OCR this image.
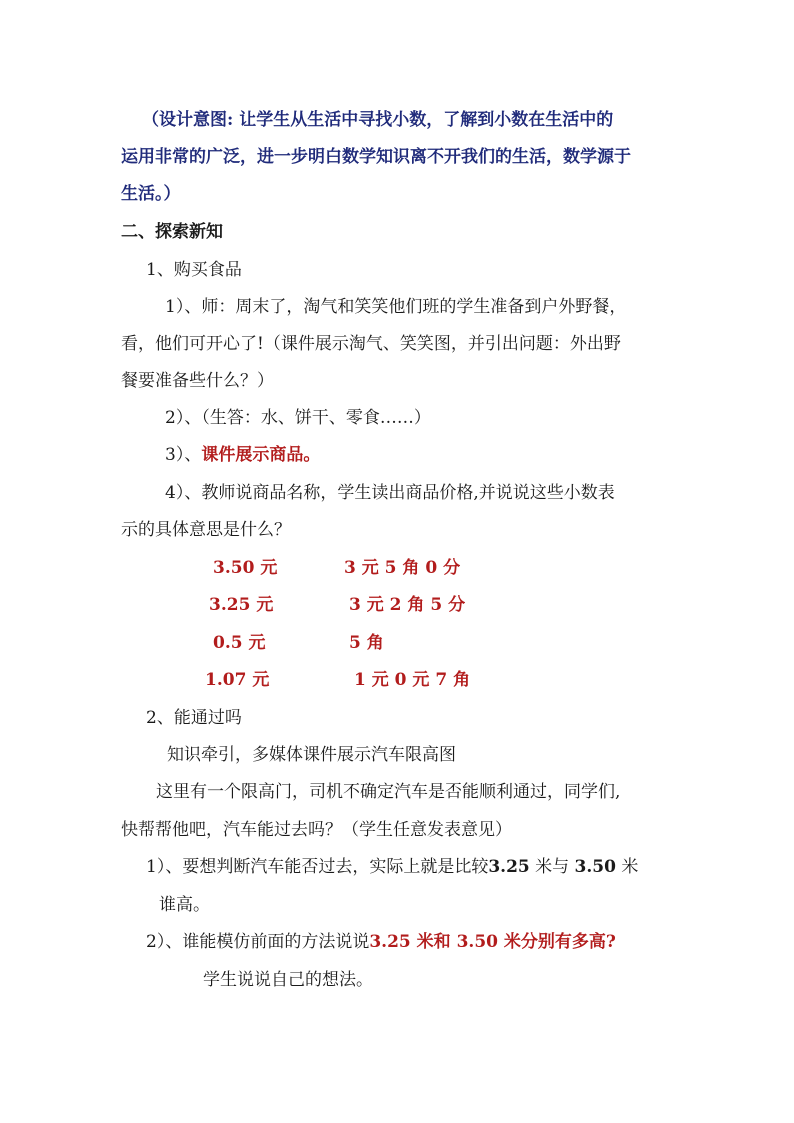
（设计意图: 让学生从生活中寻找小数，了解到小数在生活中的
运用非常的广泛，进一步明白数学知识离不开我们的生活，数学源于
生活。）
二、探索新知
1、购买食品
1）、师：周末了，淘气和笑笑他们班的学生准备到户外野餐，
看，他们可开心了!（课件展示淘气、笑笑图，并引出问题：外出野
餐要准备些什么？）
2）、（生答：水、饼干、零食……）
3）、课件展示商品。
4）、教师说商品名称，学生读出商品价格,并说说这些小数表
示的具体意思是什么？
3.50 元	3 元 5 角 0 分
3.25 元	3 元 2 角 5 分
0.5 元	5 角
1.07 元	1 元 0 元 7 角
2、能通过吗
知识牵引，多媒体课件展示汽车限高图
这里有一个限高门，司机不确定汽车是否能顺利通过，同学们,
快帮帮他吧，汽车能过去吗？（学生任意发表意见）
1）、要想判断汽车能否过去，实际上就是比较3.25 米与 3.50 米
谁高。
2）、谁能模仿前面的方法说说3.25 米和 3.50 米分别有多高?
学生说说自己的想法。
